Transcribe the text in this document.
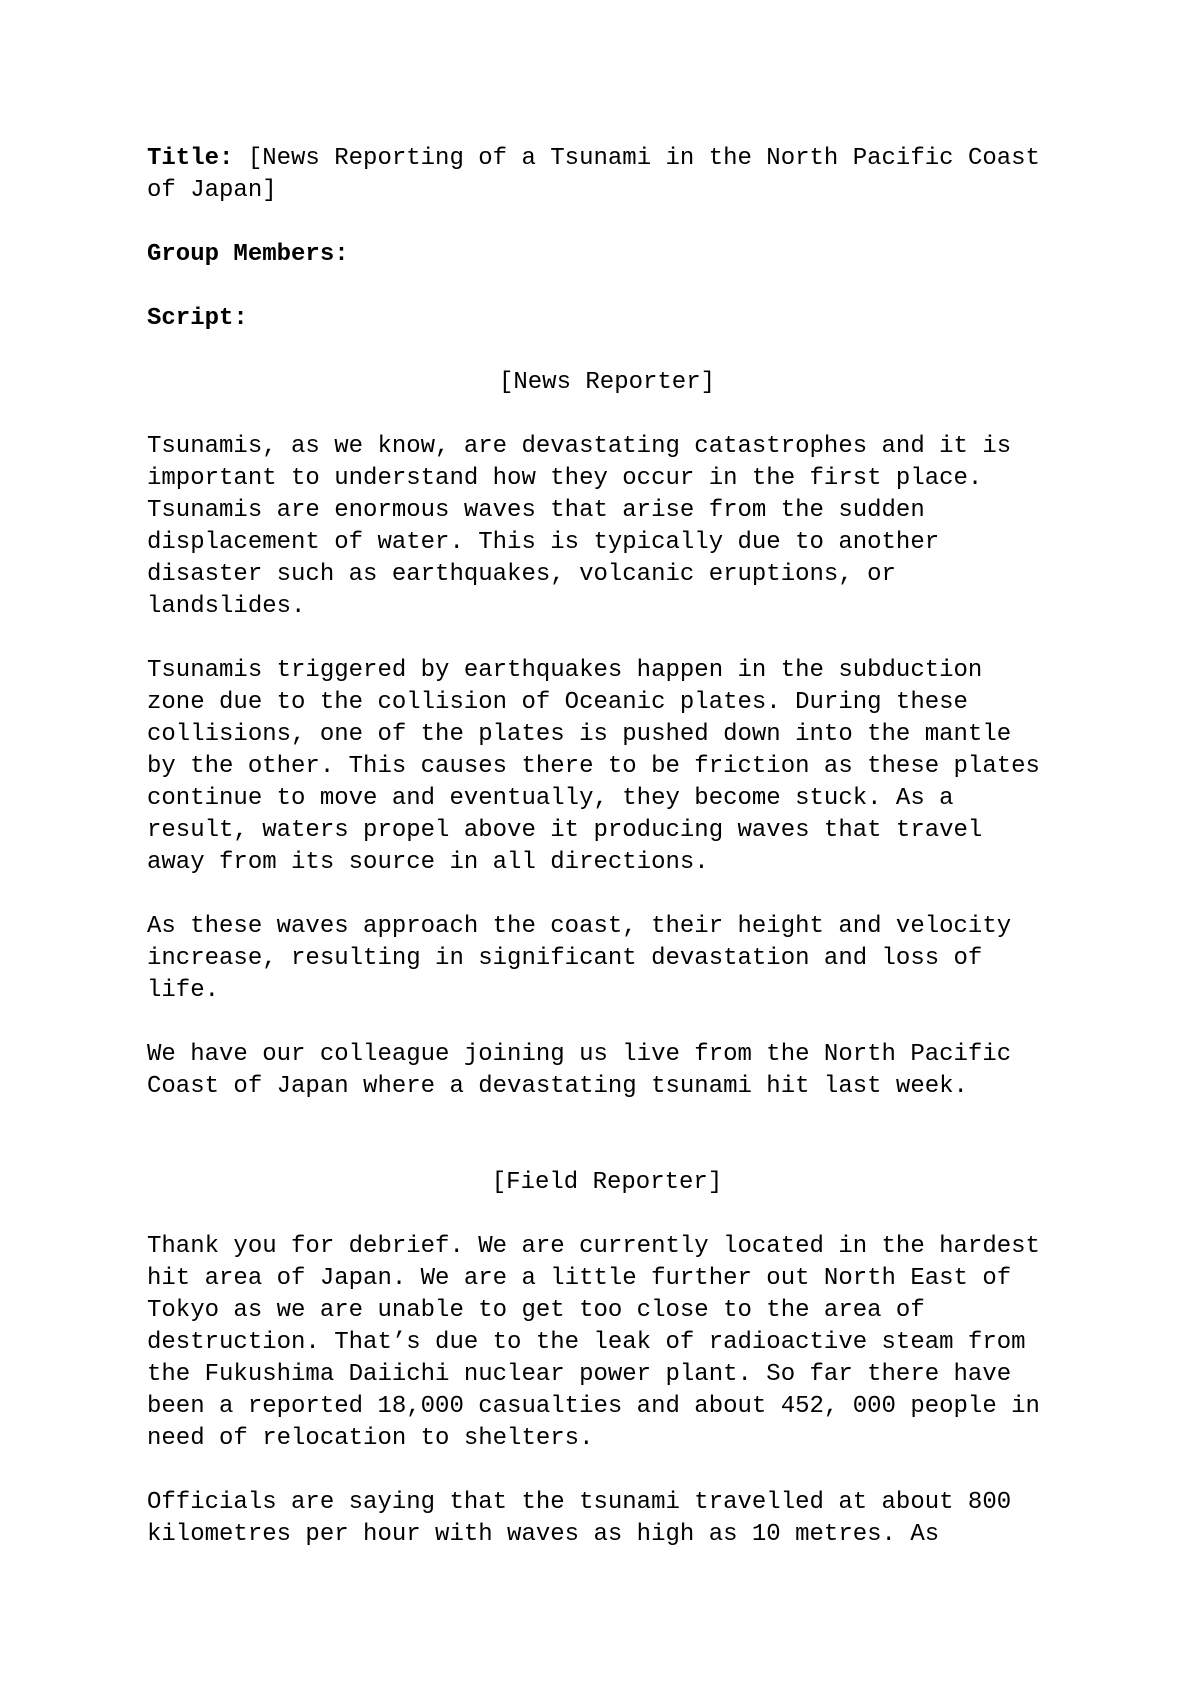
Title: [News Reporting of a Tsunami in the North Pacific Coast
of Japan]
Group Members:
Script:
[News Reporter]
Tsunamis, as we know, are devastating catastrophes and it is
important to understand how they occur in the first place.
Tsunamis are enormous waves that arise from the sudden
displacement of water. This is typically due to another
disaster such as earthquakes, volcanic eruptions, or
landslides.
Tsunamis triggered by earthquakes happen in the subduction
zone due to the collision of Oceanic plates. During these
collisions, one of the plates is pushed down into the mantle
by the other. This causes there to be friction as these plates
continue to move and eventually, they become stuck. As a
result, waters propel above it producing waves that travel
away from its source in all directions.
As these waves approach the coast, their height and velocity
increase, resulting in significant devastation and loss of
life.
We have our colleague joining us live from the North Pacific
Coast of Japan where a devastating tsunami hit last week.
[Field Reporter]
Thank you for debrief. We are currently located in the hardest
hit area of Japan. We are a little further out North East of
Tokyo as we are unable to get too close to the area of
destruction. That’s due to the leak of radioactive steam from
the Fukushima Daiichi nuclear power plant. So far there have
been a reported 18,000 casualties and about 452, 000 people in
need of relocation to shelters.
Officials are saying that the tsunami travelled at about 800
kilometres per hour with waves as high as 10 metres. As
